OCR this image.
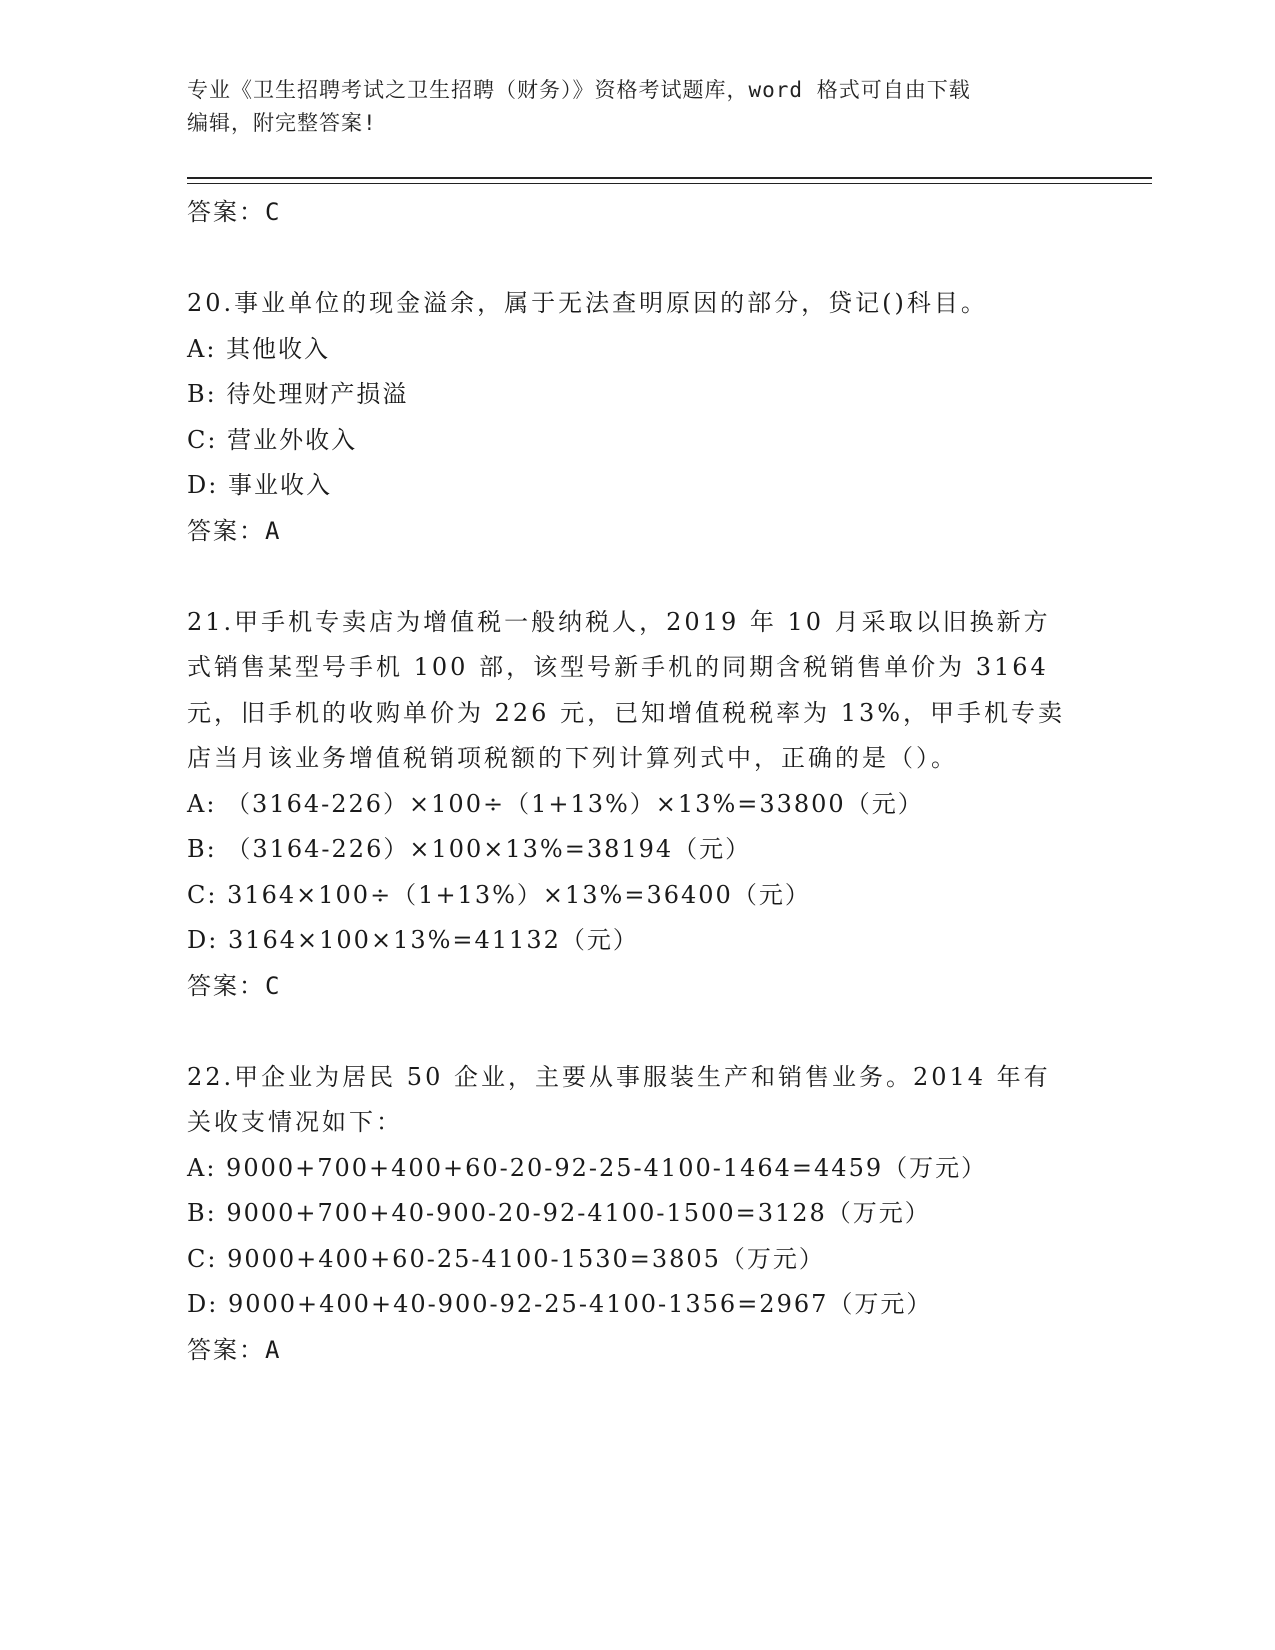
专业《卫生招聘考试之卫生招聘（财务）》资格考试题库，word 格式可自由下载
编辑，附完整答案!
答案：C
20.事业单位的现金溢余，属于无法查明原因的部分，贷记()科目。
A: 其他收入
B: 待处理财产损溢
C: 营业外收入
D: 事业收入
答案：A
21.甲手机专卖店为增值税一般纳税人，2019 年 10 月采取以旧换新方
式销售某型号手机 100 部，该型号新手机的同期含税销售单价为 3164
元，旧手机的收购单价为 226 元，已知增值税税率为 13%，甲手机专卖
店当月该业务增值税销项税额的下列计算列式中，正确的是（）。
A: （3164-226）×100÷（1+13%）×13%=33800（元）
B: （3164-226）×100×13%=38194（元）
C: 3164×100÷（1+13%）×13%=36400（元）
D: 3164×100×13%=41132（元）
答案：C
22.甲企业为居民 50 企业，主要从事服装生产和销售业务。2014 年有
关收支情况如下：
A: 9000+700+400+60-20-92-25-4100-1464=4459（万元）
B: 9000+700+40-900-20-92-4100-1500=3128（万元）
C: 9000+400+60-25-4100-1530=3805（万元）
D: 9000+400+40-900-92-25-4100-1356=2967（万元）
答案：A
